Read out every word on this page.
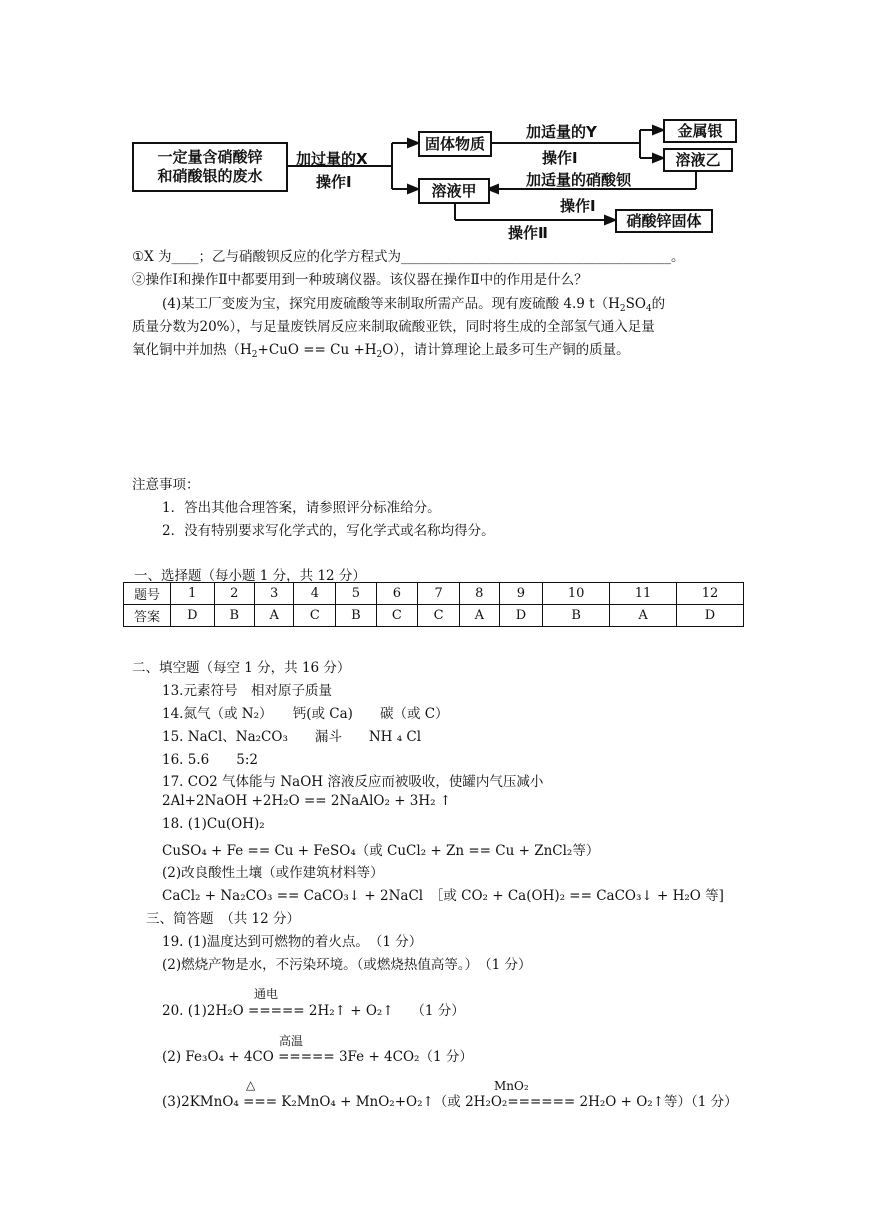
一定量含硝酸锌
和硝酸银的废水
加过量的X
操作Ⅰ
固体物质
溶液甲
加适量的Y
操作Ⅰ
加适量的硝酸钡
操作Ⅰ
操作Ⅱ
金属银
溶液乙
硝酸锌固体
①X 为____；乙与硝酸钡反应的化学方程式为________________________________________。
②操作Ⅰ和操作Ⅱ中都要用到一种玻璃仪器。该仪器在操作Ⅱ中的作用是什么？
(4)某工厂变废为宝，探究用废硫酸等来制取所需产品。现有废硫酸 4.9 $t(H_2SO_4$的
质量分数为20%），与足量废铁屑反应来制取硫酸亚铁，同时将生成的全部氢气通入足量
氧化铜中并加热$(H_2+CuO == Cu +H_2O)$，请计算理论上最多可生产铜的质量。
注意事项：
1．答出其他合理答案，请参照评分标准给分。
2．没有特别要求写化学式的，写化学式或名称均得分。
一、选择题（每小题 1 分，共 12 分）
题号	1	2	3	4	5	6	7	8	9	10	11	12
答案	D	B	A	C	B	C	C	A	D	B	A	D
二、填空题（每空 1 分，共 16 分）
13.元素符号　相对原子质量
14.氮气（或 N₂）　　钙(或 Ca)　　碳（或 C）
15. NaCl、Na₂CO₃　　漏斗　　NH ₄ Cl
16. 5.6　　5:2
17. CO2 气体能与 NaOH 溶液反应而被吸收，使罐内气压减小
2Al+2NaOH +2H₂O == 2NaAlO₂ + 3H₂ ↑
18. (1)Cu(OH)₂
CuSO₄ + Fe == Cu + FeSO₄（或 CuCl₂ + Zn == Cu + ZnCl₂等）
(2)改良酸性土壤（或作建筑材料等）
CaCl₂ + Na₂CO₃ == CaCO₃↓ + 2NaCl　［或 CO₂ + Ca(OH)₂ == CaCO₃↓ + H₂O 等]
三、简答题　（共 12 分）
19. (1)温度达到可燃物的着火点。　（1 分）
(2)燃烧产物是水，不污染环境。（或燃烧热值高等。）　（1 分）
通电
20. (1)2H₂O ===== 2H₂↑ + O₂↑　 （1 分）
高温
(2) Fe₃O₄ + 4CO ===== 3Fe + 4CO₂（1 分）
△	MnO₂
(3)2KMnO₄ === K₂MnO₄ + MnO₂+O₂↑（或 2H₂O₂====== 2H₂O + O₂↑等）（1 分）
